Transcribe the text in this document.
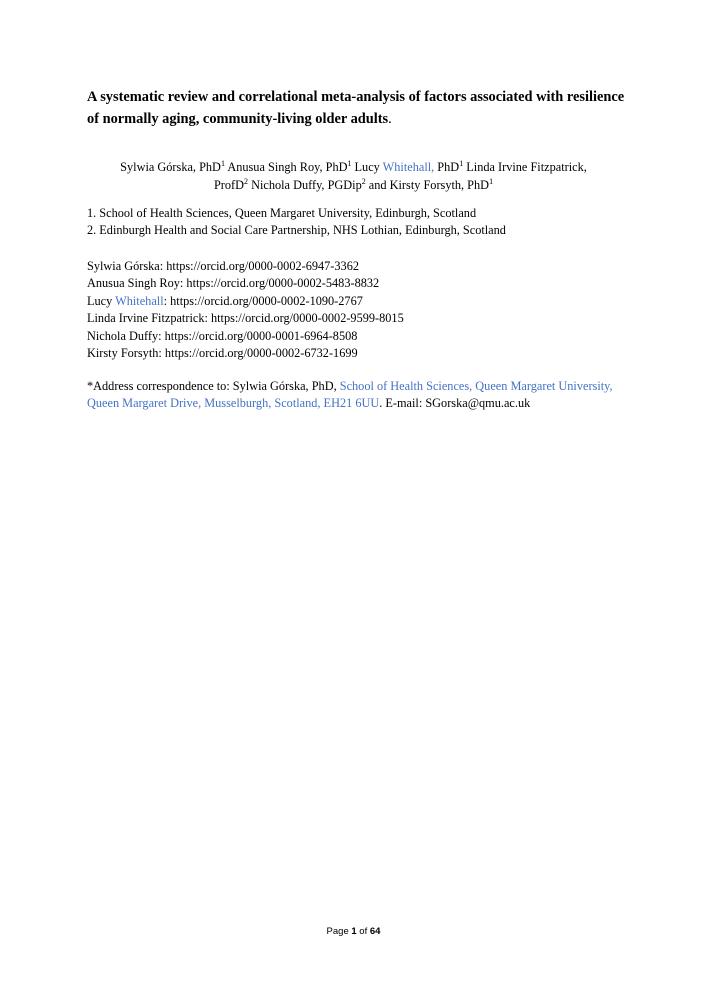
A systematic review and correlational meta-analysis of factors associated with resilience of normally aging, community-living older adults.
Sylwia Górska, PhD$^1$ Anusua Singh Roy, PhD$^1$ Lucy Whitehall, PhD$^1$ Linda Irvine Fitzpatrick,
ProfD$^2$ Nichola Duffy, PGDip$^2$ and Kirsty Forsyth, PhD$^1$
1. School of Health Sciences, Queen Margaret University, Edinburgh, Scotland
2. Edinburgh Health and Social Care Partnership, NHS Lothian, Edinburgh, Scotland
Sylwia Górska: https://orcid.org/0000-0002-6947-3362
Anusua Singh Roy: https://orcid.org/0000-0002-5483-8832
Lucy Whitehall: https://orcid.org/0000-0002-1090-2767
Linda Irvine Fitzpatrick: https://orcid.org/0000-0002-9599-8015
Nichola Duffy: https://orcid.org/0000-0001-6964-8508
Kirsty Forsyth: https://orcid.org/0000-0002-6732-1699
*Address correspondence to: Sylwia Górska, PhD, School of Health Sciences, Queen Margaret University, Queen Margaret Drive, Musselburgh, Scotland, EH21 6UU. E-mail: SGorska@qmu.ac.uk
Page 1 of 64
